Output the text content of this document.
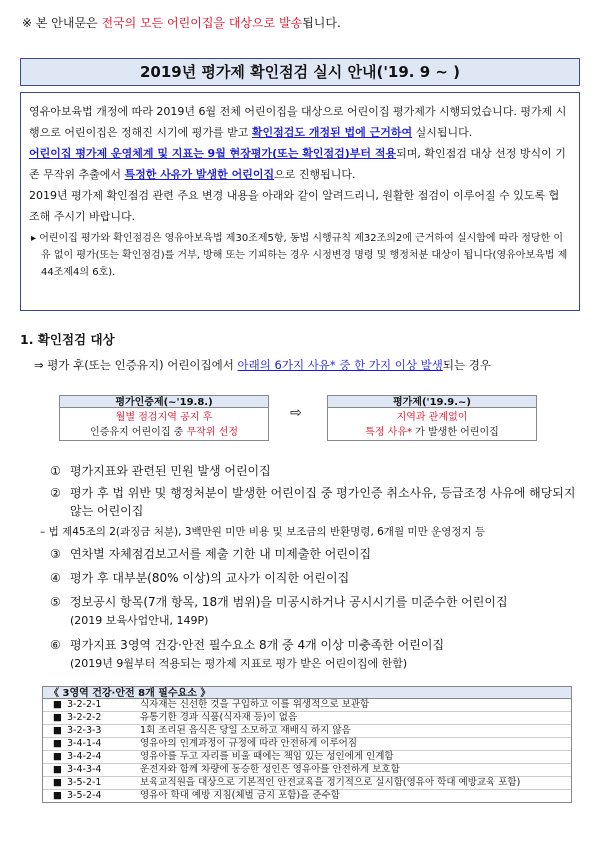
※ 본 안내문은 전국의 모든 어린이집을 대상으로 발송됩니다.
2019년 평가제 확인점검 실시 안내('19. 9 ~ )

영유아보육법 개정에 따라 2019년 6월 전체 어린이집을 대상으로 어린이집 평가제가 시행되었습니다. 평가제 시행으로 어린이집은 정해진 시기에 평가를 받고 확인점검도 개정된 법에 근거하여 실시됩니다.

어린이집 평가제 운영체계 및 지표는 9월 현장평가(또는 확인점검)부터 적용되며, 확인점검 대상 선정 방식이 기존 무작위 추출에서 특정한 사유가 발생한 어린이집으로 진행됩니다.

2019년 평가제 확인점검 관련 주요 변경 내용을 아래와 같이 알려드리니, 원활한 점검이 이루어질 수 있도록 협조해 주시기 바랍니다.

▸ 어린이집 평가와 확인점검은 영유아보육법 제30조제5항, 동법 시행규칙 제32조의2에 근거하여 실시함에 따라 정당한 이유 없이 평가(또는 확인점검)를 거부, 방해 또는 기피하는 경우 시정변경 명령 및 행정처분 대상이 됩니다(영유아보육법 제44조제4의 6호).

1. 확인점검 대상
⇒ 평가 후(또는 인증유지) 어린이집에서 아래의 6가지 사유* 중 한 가지 이상 발생되는 경우
평가인증제(~'19.8.)
월별 점검지역 공지 후
인증유지 어린이집 중 무작위 선정
⇨
평가제('19.9.~)
지역과 관계없이
특정 사유* 가 발생한 어린이집
① 평가지표와 관련된 민원 발생 어린이집
② 평가 후 법 위반 및 행정처분이 발생한 어린이집 중 평가인증 취소사유, 등급조정 사유에 해당되지
않는 어린이집
– 법 제45조의 2(과징금 처분), 3백만원 미만 비용 및 보조금의 반환명령, 6개월 미만 운영정지 등
③ 연차별 자체점검보고서를 제출 기한 내 미제출한 어린이집
④ 평가 후 대부분(80% 이상)의 교사가 이직한 어린이집
⑤ 정보공시 항목(7개 항목, 18개 범위)을 미공시하거나 공시시기를 미준수한 어린이집
(2019 보육사업안내, 149P)
⑥ 평가지표 3영역 건강·안전 필수요소 8개 중 4개 이상 미충족한 어린이집
(2019년 9월부터 적용되는 평가제 지표로 평가 받은 어린이집에 한함)
《 3영역 건강·안전 8개 필수요소 》
■ 3-2-2-1	식자재는 신선한 것을 구입하고 이를 위생적으로 보관함
■ 3-2-2-2	유통기한 경과 식품(식자재 등)이 없음
■ 3-2-3-3	1회 조리된 음식은 당일 소모하고 재배식 하지 않음
■ 3-4-1-4	영유아의 인계과정이 규정에 따라 안전하게 이루어짐
■ 3-4-2-4	영유아를 두고 자리를 비울 때에는 책임 있는 성인에게 인계함
■ 3-4-3-4	운전자와 함께 차량에 동승한 성인은 영유아를 안전하게 보호함
■ 3-5-2-1	보육교직원을 대상으로 기본적인 안전교육을 정기적으로 실시함(영유아 학대 예방교육 포함)
■ 3-5-2-4	영유아 학대 예방 지침(체벌 금지 포함)을 준수함
